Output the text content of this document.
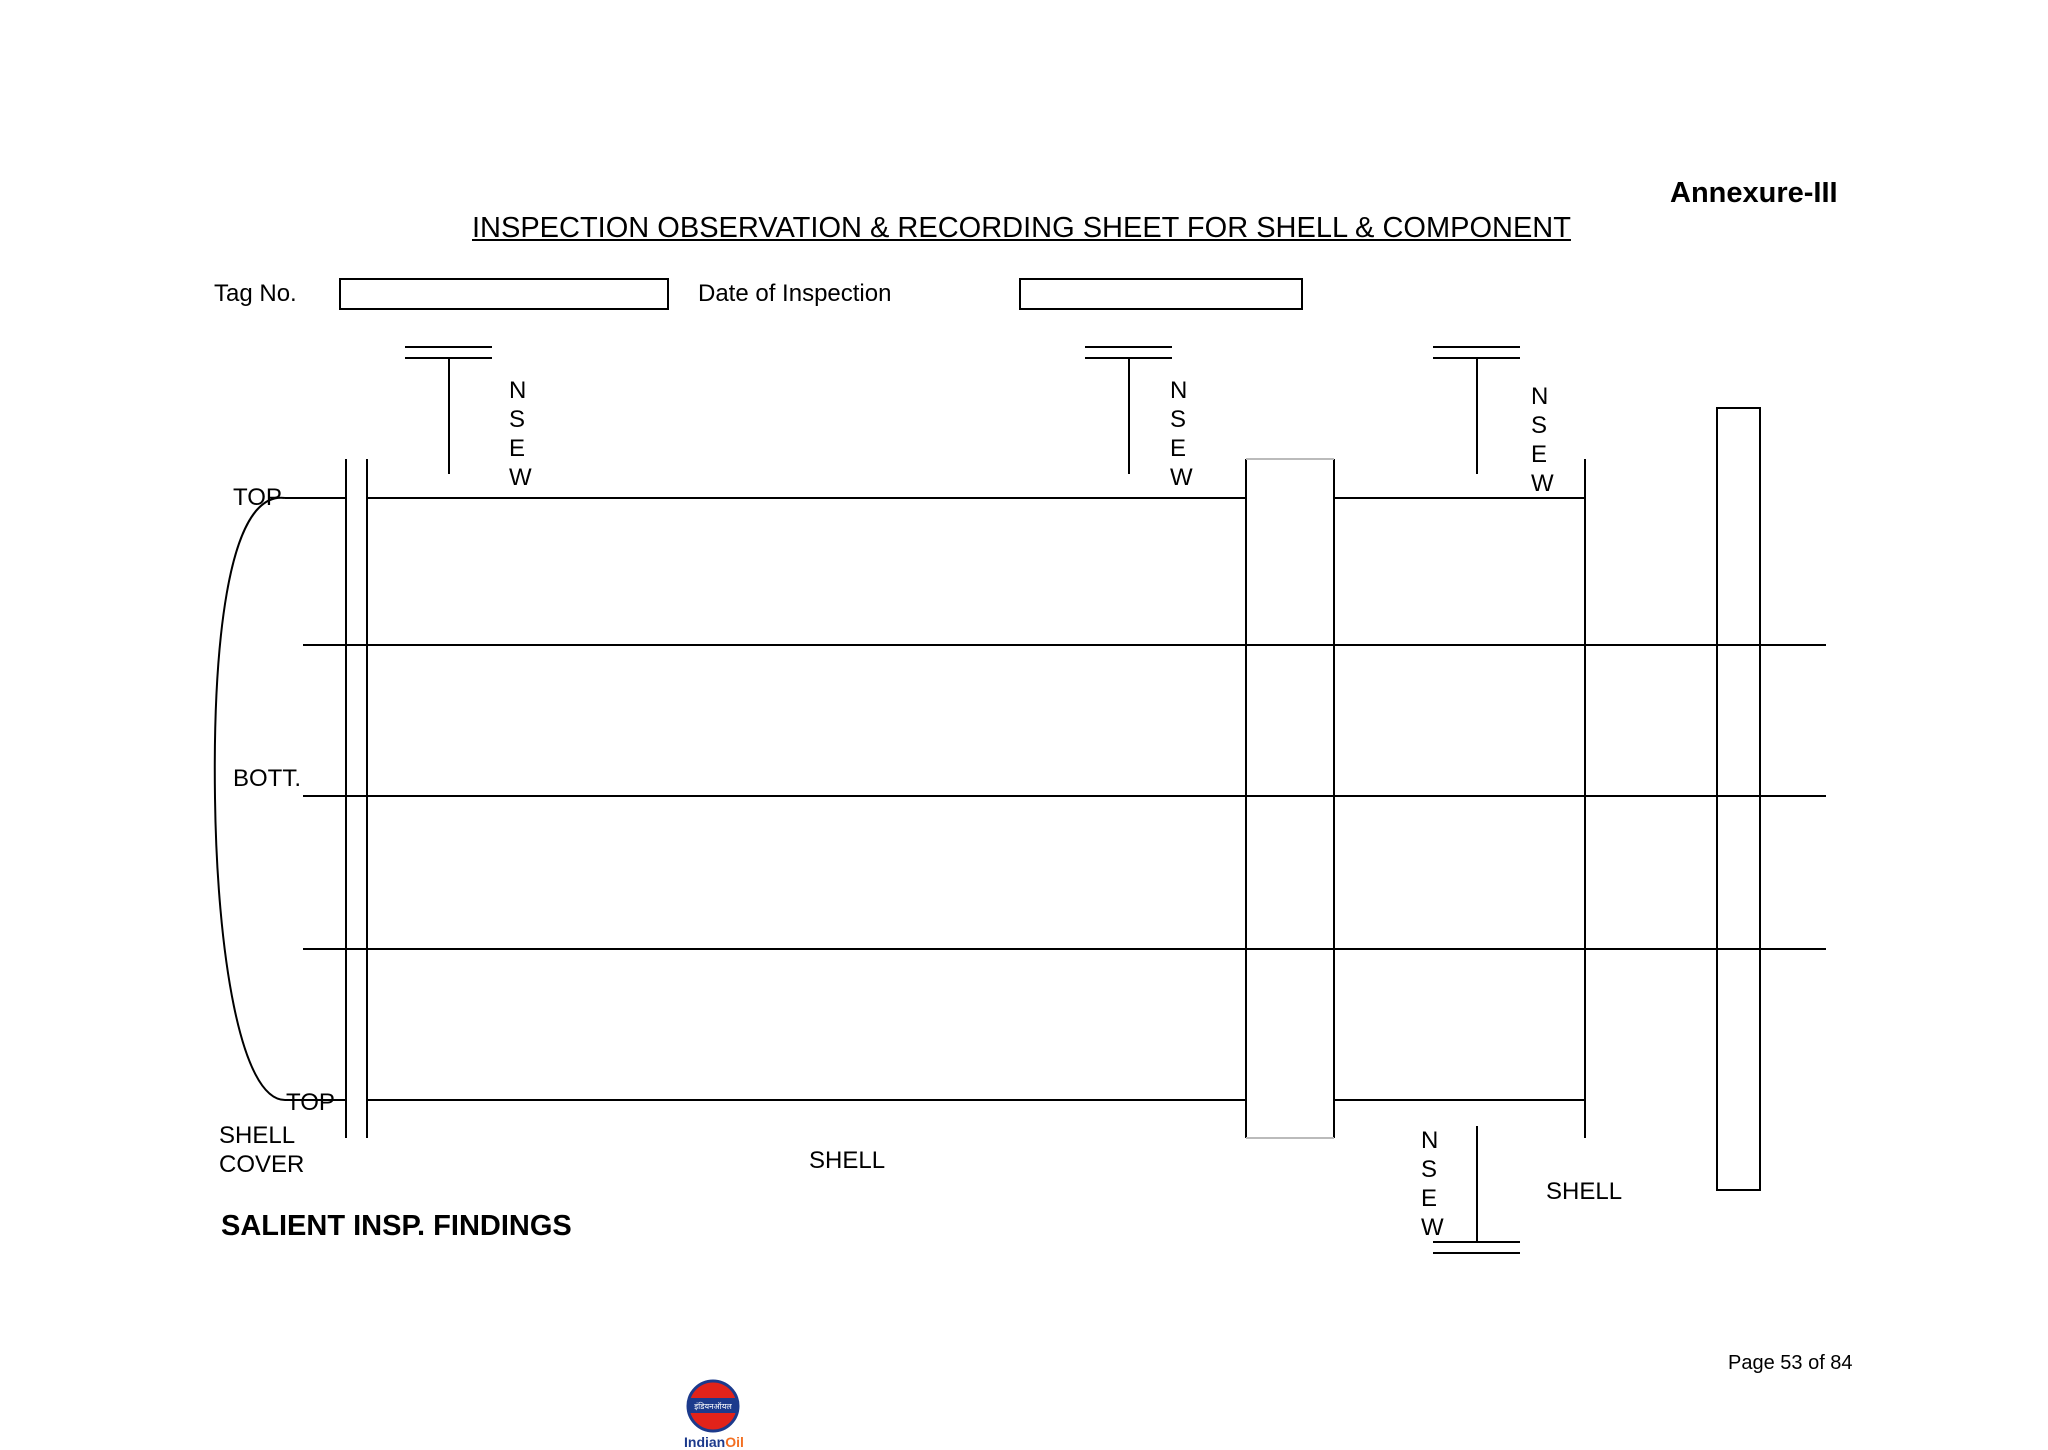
Annexure-III
INSPECTION OBSERVATION & RECORDING SHEET FOR SHELL & COMPONENT
Tag No.	Date of Inspection
N
S
E
W
N
S
E
W
N
S
E
W
N
S
E
W
TOP
BOTT.
TOP
SHELL
COVER	SHELL
SHELL
SALIENT INSP. FINDINGS
Page 53 of 84
इंडियनऑयल
IndianOil
